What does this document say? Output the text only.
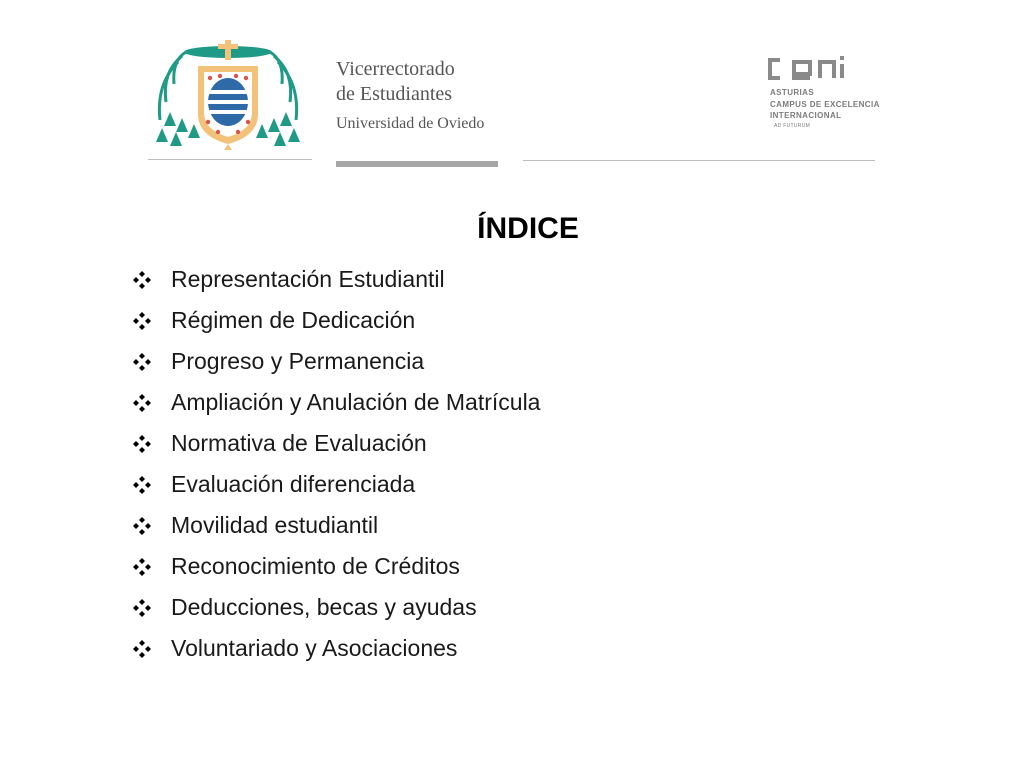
Vicerrectorado
de Estudiantes
Universidad de Oviedo
ASTURIAS
CAMPUS DE EXCELENCIA
INTERNACIONAL
AD FUTURUM
ÍNDICE
Representación Estudiantil
Régimen de Dedicación
Progreso y Permanencia
Ampliación y Anulación de Matrícula
Normativa de Evaluación
Evaluación diferenciada
Movilidad estudiantil
Reconocimiento de Créditos
Deducciones, becas y ayudas
Voluntariado y Asociaciones
